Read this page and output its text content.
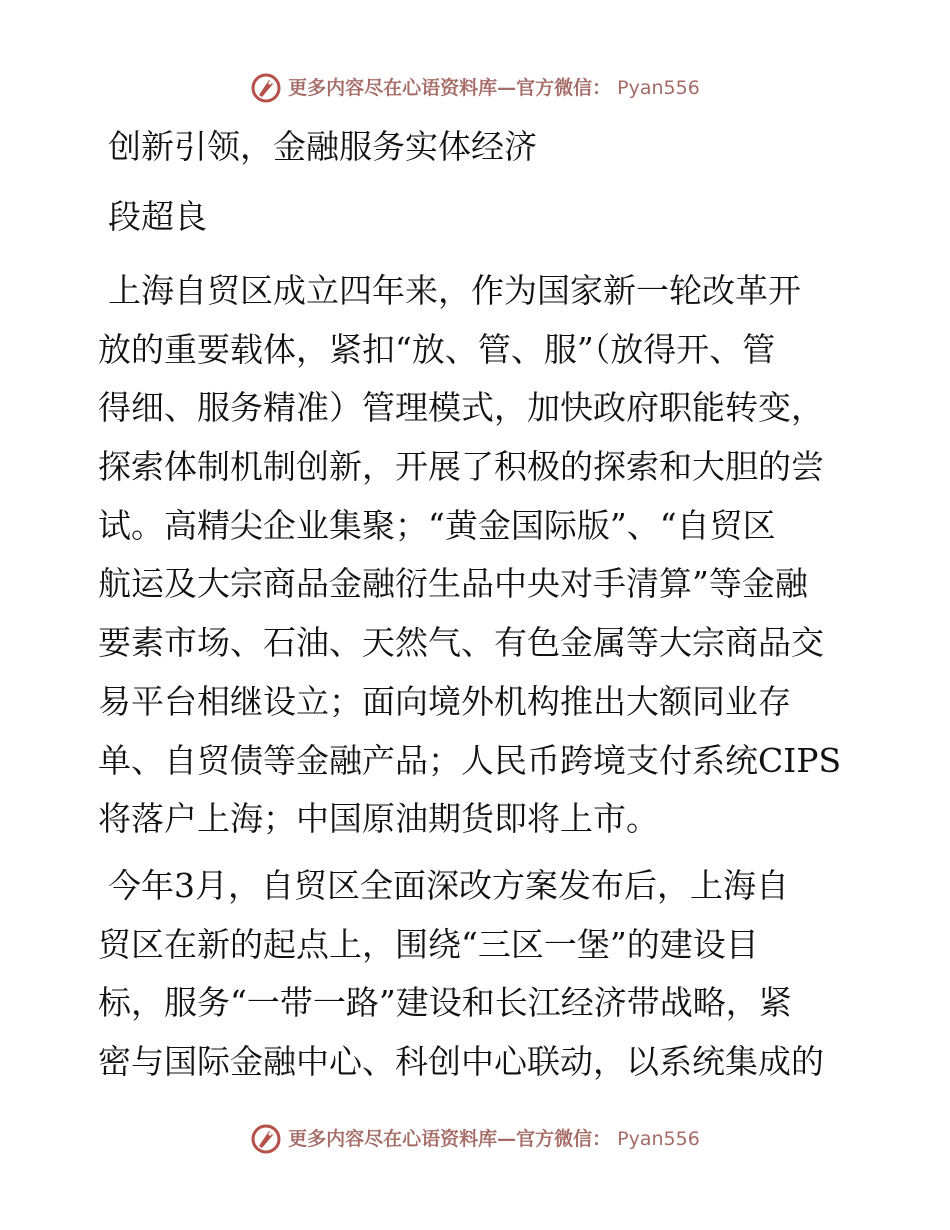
更多内容尽在心语资料库—官方微信： Pyan556
创新引领，金融服务实体经济
段超良

上海自贸区成立四年来，作为国家新一轮改革开
放的重要载体，紧扣“放、管、服”（放得开、管
得细、服务精准）管理模式，加快政府职能转变，
探索体制机制创新，开展了积极的探索和大胆的尝
试。高精尖企业集聚；“黄金国际版”、“自贸区
航运及大宗商品金融衍生品中央对手清算”等金融
要素市场、石油、天然气、有色金属等大宗商品交
易平台相继设立；面向境外机构推出大额同业存
单、自贸债等金融产品；人民币跨境支付系统CIPS
将落户上海；中国原油期货即将上市。

今年3月，自贸区全面深改方案发布后，上海自
贸区在新的起点上，围绕“三区一堡”的建设目
标，服务“一带一路”建设和长江经济带战略，紧
密与国际金融中心、科创中心联动，以系统集成的

更多内容尽在心语资料库—官方微信： Pyan556
